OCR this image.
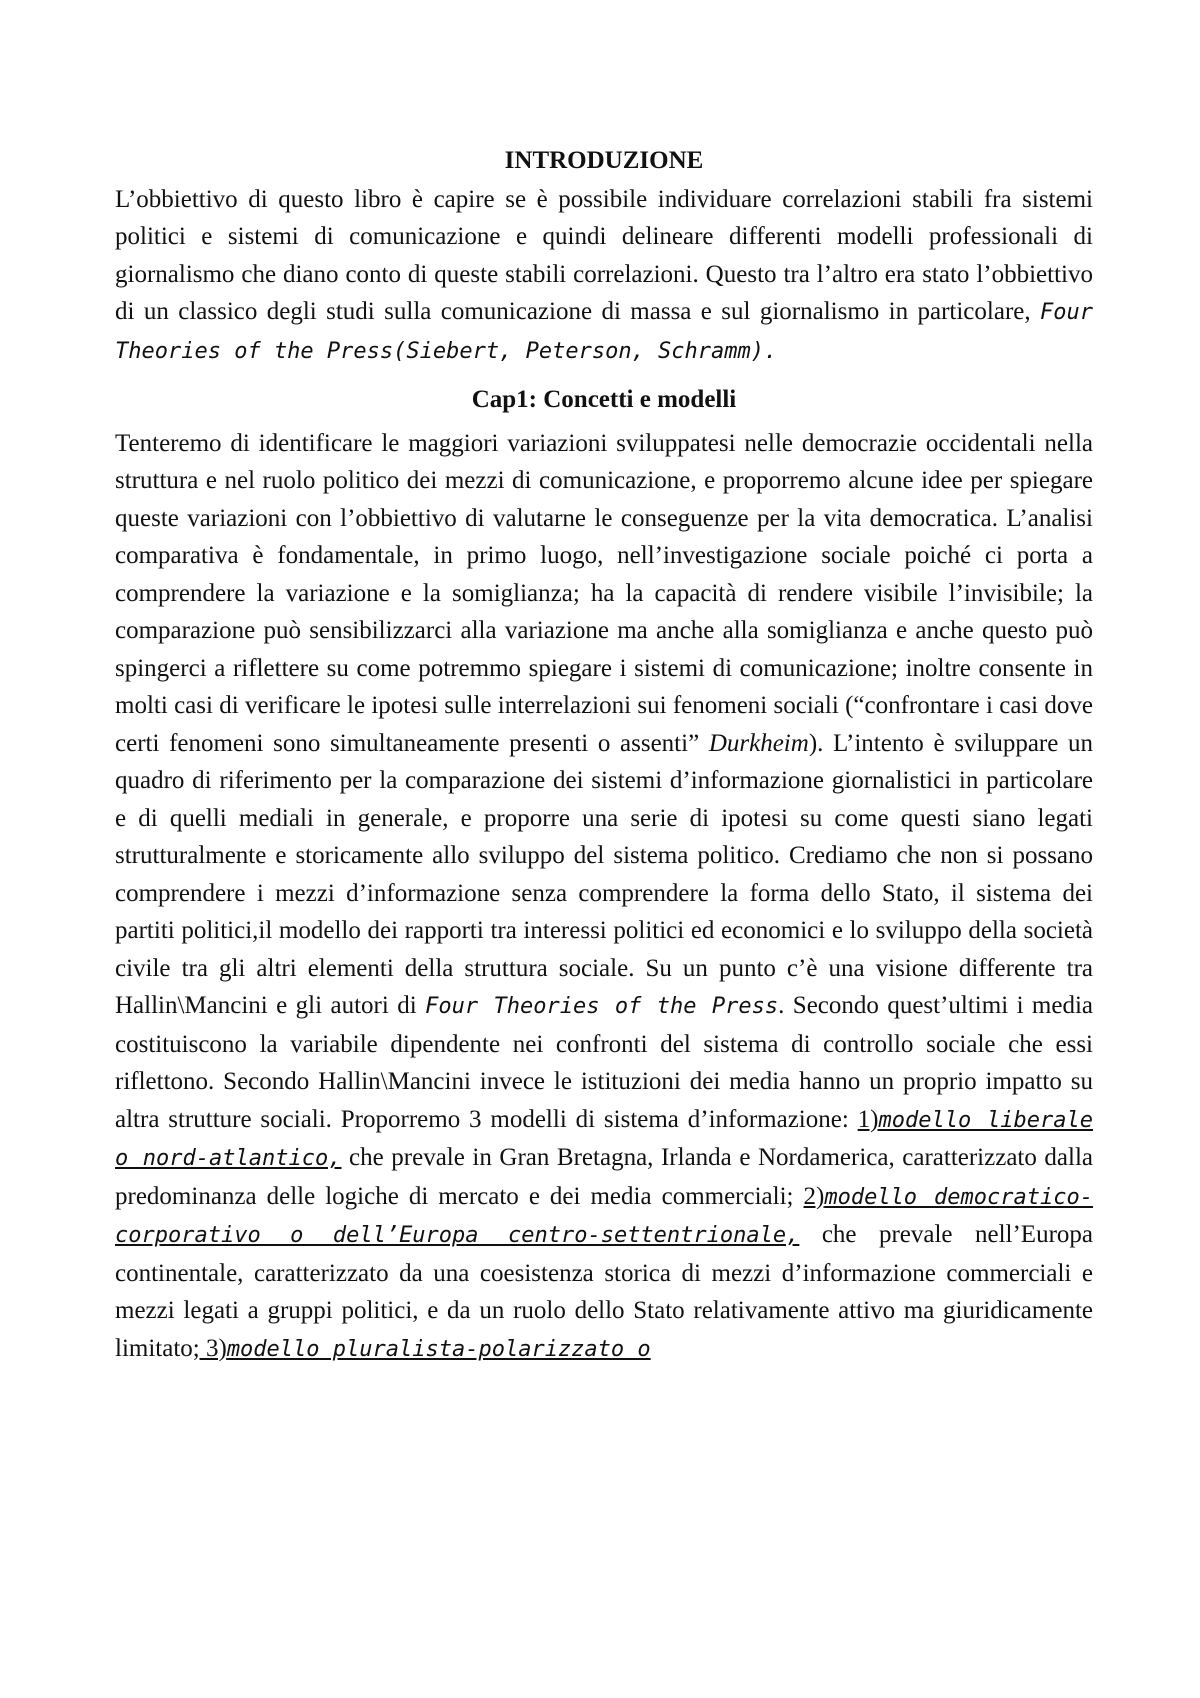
INTRODUZIONE

L’obbiettivo di questo libro è capire se è possibile individuare correlazioni stabili fra sistemi politici e sistemi di comunicazione e quindi delineare differenti modelli professionali di giornalismo che diano conto di queste stabili correlazioni. Questo tra l’altro era stato l’obbiettivo di un classico degli studi sulla comunicazione di massa e sul giornalismo in particolare, Four Theories of the Press(Siebert, Peterson, Schramm).

Cap1: Concetti e modelli

Tenteremo di identificare le maggiori variazioni sviluppatesi nelle democrazie occidentali nella struttura e nel ruolo politico dei mezzi di comunicazione, e proporremo alcune idee per spiegare queste variazioni con l’obbiettivo di valutarne le conseguenze per la vita democratica. L’analisi comparativa è fondamentale, in primo luogo, nell’investigazione sociale poiché ci porta a comprendere la variazione e la somiglianza; ha la capacità di rendere visibile l’invisibile; la comparazione può sensibilizzarci alla variazione ma anche alla somiglianza e anche questo può spingerci a riflettere su come potremmo spiegare i sistemi di comunicazione; inoltre consente in molti casi di verificare le ipotesi sulle interrelazioni sui fenomeni sociali (“confrontare i casi dove certi fenomeni sono simultaneamente presenti o assenti” Durkheim). L’intento è sviluppare un quadro di riferimento per la comparazione dei sistemi d’informazione giornalistici in particolare e di quelli mediali in generale, e proporre una serie di ipotesi su come questi siano legati strutturalmente e storicamente allo sviluppo del sistema politico. Crediamo che non si possano comprendere i mezzi d’informazione senza comprendere la forma dello Stato, il sistema dei partiti politici,il modello dei rapporti tra interessi politici ed economici e lo sviluppo della società civile tra gli altri elementi della struttura sociale. Su un punto c’è una visione differente tra Hallin\Mancini e gli autori di Four Theories of the Press. Secondo quest’ultimi i media costituiscono la variabile dipendente nei confronti del sistema di controllo sociale che essi riflettono. Secondo Hallin\Mancini invece le istituzioni dei media hanno un proprio impatto su altra strutture sociali. Proporremo 3 modelli di sistema d’informazione: 1)modello liberale o nord-atlantico, che prevale in Gran Bretagna, Irlanda e Nordamerica, caratterizzato dalla predominanza delle logiche di mercato e dei media commerciali; 2)modello democratico-corporativo o dell’Europa centro-settentrionale, che prevale nell’Europa continentale, caratterizzato da una coesistenza storica di mezzi d’informazione commerciali e mezzi legati a gruppi politici, e da un ruolo dello Stato relativamente attivo ma giuridicamente limitato; 3)modello pluralista-polarizzato o
